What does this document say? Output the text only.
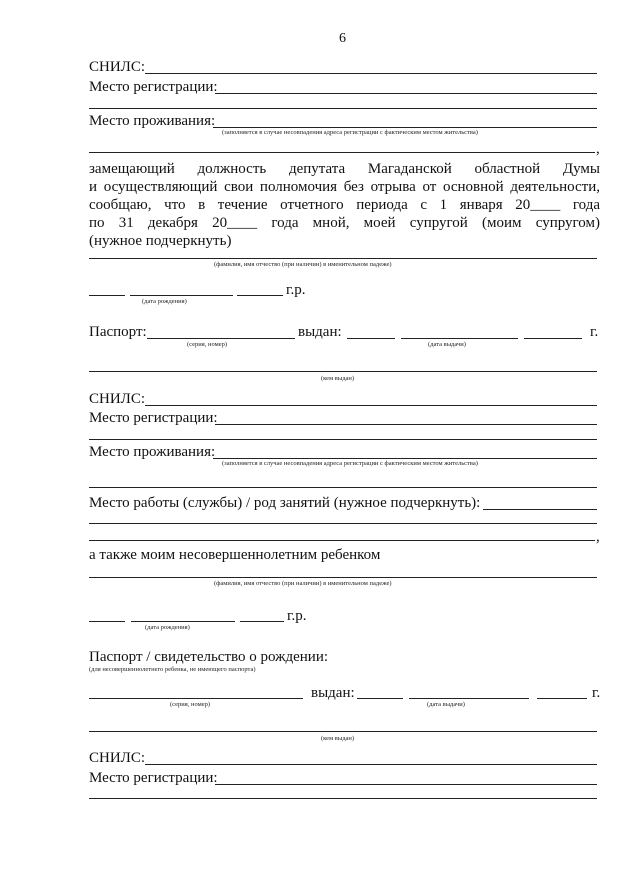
6
СНИЛС:
Место регистрации:
Место проживания:
(заполняется в случае несовпадения адреса регистрации с фактическим местом жительства)
,
замещающий должность депутата Магаданской областной Думы
и осуществляющий свои полномочия без отрыва от основной деятельности,
сообщаю, что в течение отчетного периода с 1 января 20____ года
по 31 декабря 20____ года мной, моей супругой (моим супругом)
(нужное подчеркнуть)
(фамилия, имя отчество (при наличии) в именительном падеже)
г.р.
(дата рождения)
Паспорт:	выдан:	г.
(серия, номер)	(дата выдачи)
(кем выдан)
СНИЛС:
Место регистрации:
Место проживания:
(заполняется в случае несовпадения адреса регистрации с фактическим местом жительства)
Место работы (службы) / род занятий (нужное подчеркнуть):
,
а также моим несовершеннолетним ребенком
(фамилия, имя отчество (при наличии) в именительном падеже)
г.р.
(дата рождения)
Паспорт / свидетельство о рождении:
(для несовершеннолетнего ребенка, не имеющего паспорта)
выдан:	г.
(серия, номер)	(дата выдачи)
(кем выдан)
СНИЛС:
Место регистрации:
